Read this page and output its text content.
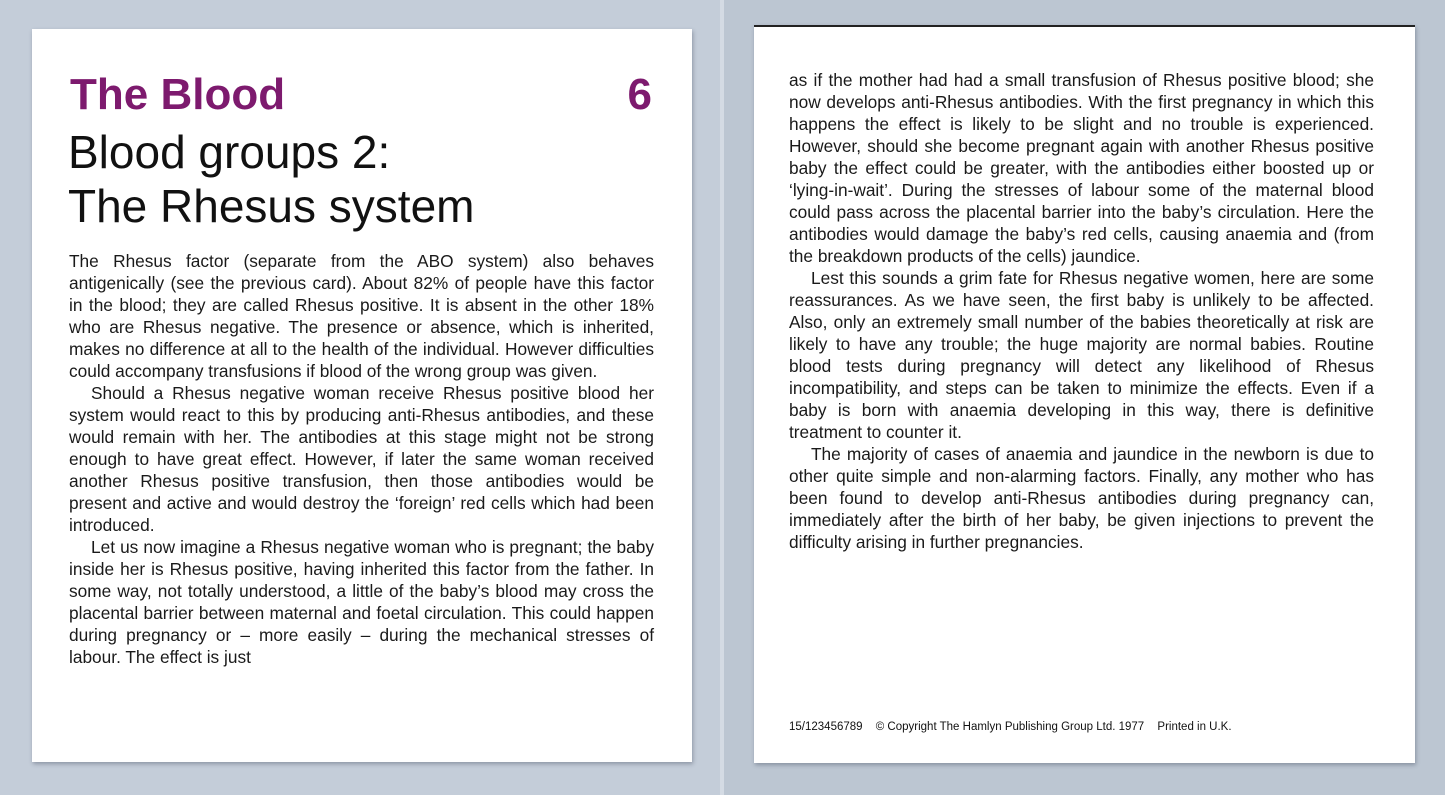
The Blood	6
Blood groups 2:
The Rhesus system

The Rhesus factor (separate from the ABO system) also behaves antigenically (see the previous card). About 82% of people have this factor in the blood; they are called Rhesus positive. It is absent in the other 18% who are Rhesus negative. The presence or absence, which is inherited, makes no difference at all to the health of the individual. However difficulties could accompany transfusions if blood of the wrong group was given.

Should a Rhesus negative woman receive Rhesus positive blood her system would react to this by producing anti-Rhesus antibodies, and these would remain with her. The antibodies at this stage might not be strong enough to have great effect. However, if later the same woman received another Rhesus positive transfusion, then those antibodies would be present and active and would destroy the ‘foreign’ red cells which had been introduced.

Let us now imagine a Rhesus negative woman who is pregnant; the baby inside her is Rhesus positive, having inherited this factor from the father. In some way, not totally understood, a little of the baby’s blood may cross the placental barrier between maternal and foetal circulation. This could happen during pregnancy or – more easily – during the mechanical stresses of labour. The effect is just

as if the mother had had a small transfusion of Rhesus positive blood; she now develops anti-Rhesus antibodies. With the first pregnancy in which this happens the effect is likely to be slight and no trouble is experienced. However, should she become pregnant again with another Rhesus positive baby the effect could be greater, with the antibodies either boosted up or ‘lying-in-wait’. During the stresses of labour some of the maternal blood could pass across the placental barrier into the baby’s circulation. Here the antibodies would damage the baby’s red cells, causing anaemia and (from the breakdown products of the cells) jaundice.

Lest this sounds a grim fate for Rhesus negative women, here are some reassurances. As we have seen, the first baby is unlikely to be affected. Also, only an extremely small number of the babies theoretically at risk are likely to have any trouble; the huge majority are normal babies. Routine blood tests during pregnancy will detect any likelihood of Rhesus incompatibility, and steps can be taken to minimize the effects. Even if a baby is born with anaemia developing in this way, there is definitive treatment to counter it.

The majority of cases of anaemia and jaundice in the newborn is due to other quite simple and non-alarming factors. Finally, any mother who has been found to develop anti-Rhesus antibodies during pregnancy can, immediately after the birth of her baby, be given injections to prevent the difficulty arising in further pregnancies.

15/123456789 © Copyright The Hamlyn Publishing Group Ltd. 1977 Printed in U.K.
